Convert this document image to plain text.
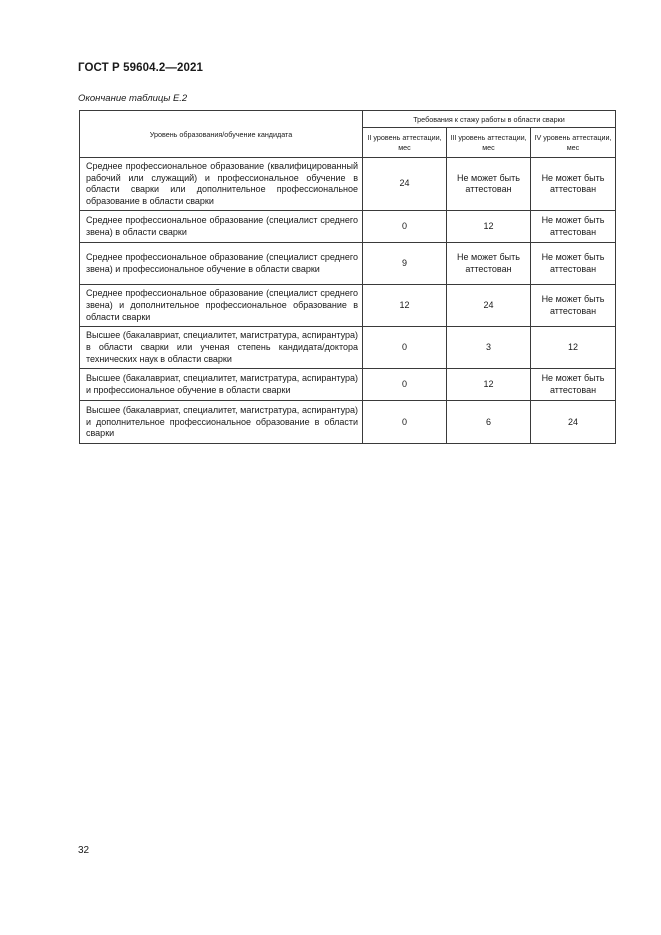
ГОСТ Р 59604.2—2021
Окончание таблицы Е.2
Уровень образования/обучение кандидата	Требования к стажу работы в области сварки		
	II уровень аттестации, мес	III уровень аттестации, мес	IV уровень аттестации, мес
Среднее профессиональное образование (квалифицированный рабочий или служащий) и профессиональное обучение в области сварки или дополнительное профессиональное образование в области сварки	24	Не может быть аттестован	Не может быть аттестован
Среднее профессиональное образование (специалист среднего звена) в области сварки	0	12	Не может быть аттестован
Среднее профессиональное образование (специалист среднего звена) и профессиональное обучение в области сварки	9	Не может быть аттестован	Не может быть аттестован
Среднее профессиональное образование (специалист среднего звена) и дополнительное профессиональное образование в области сварки	12	24	Не может быть аттестован
Высшее (бакалавриат, специалитет, магистратура, аспирантура) в области сварки или ученая степень кандидата/доктора технических наук в области сварки	0	3	12
Высшее (бакалавриат, специалитет, магистратура, аспирантура) и профессиональное обучение в области сварки	0	12	Не может быть аттестован
Высшее (бакалавриат, специалитет, магистратура, аспирантура) и дополнительное профессиональное образование в области сварки	0	6	24
32
